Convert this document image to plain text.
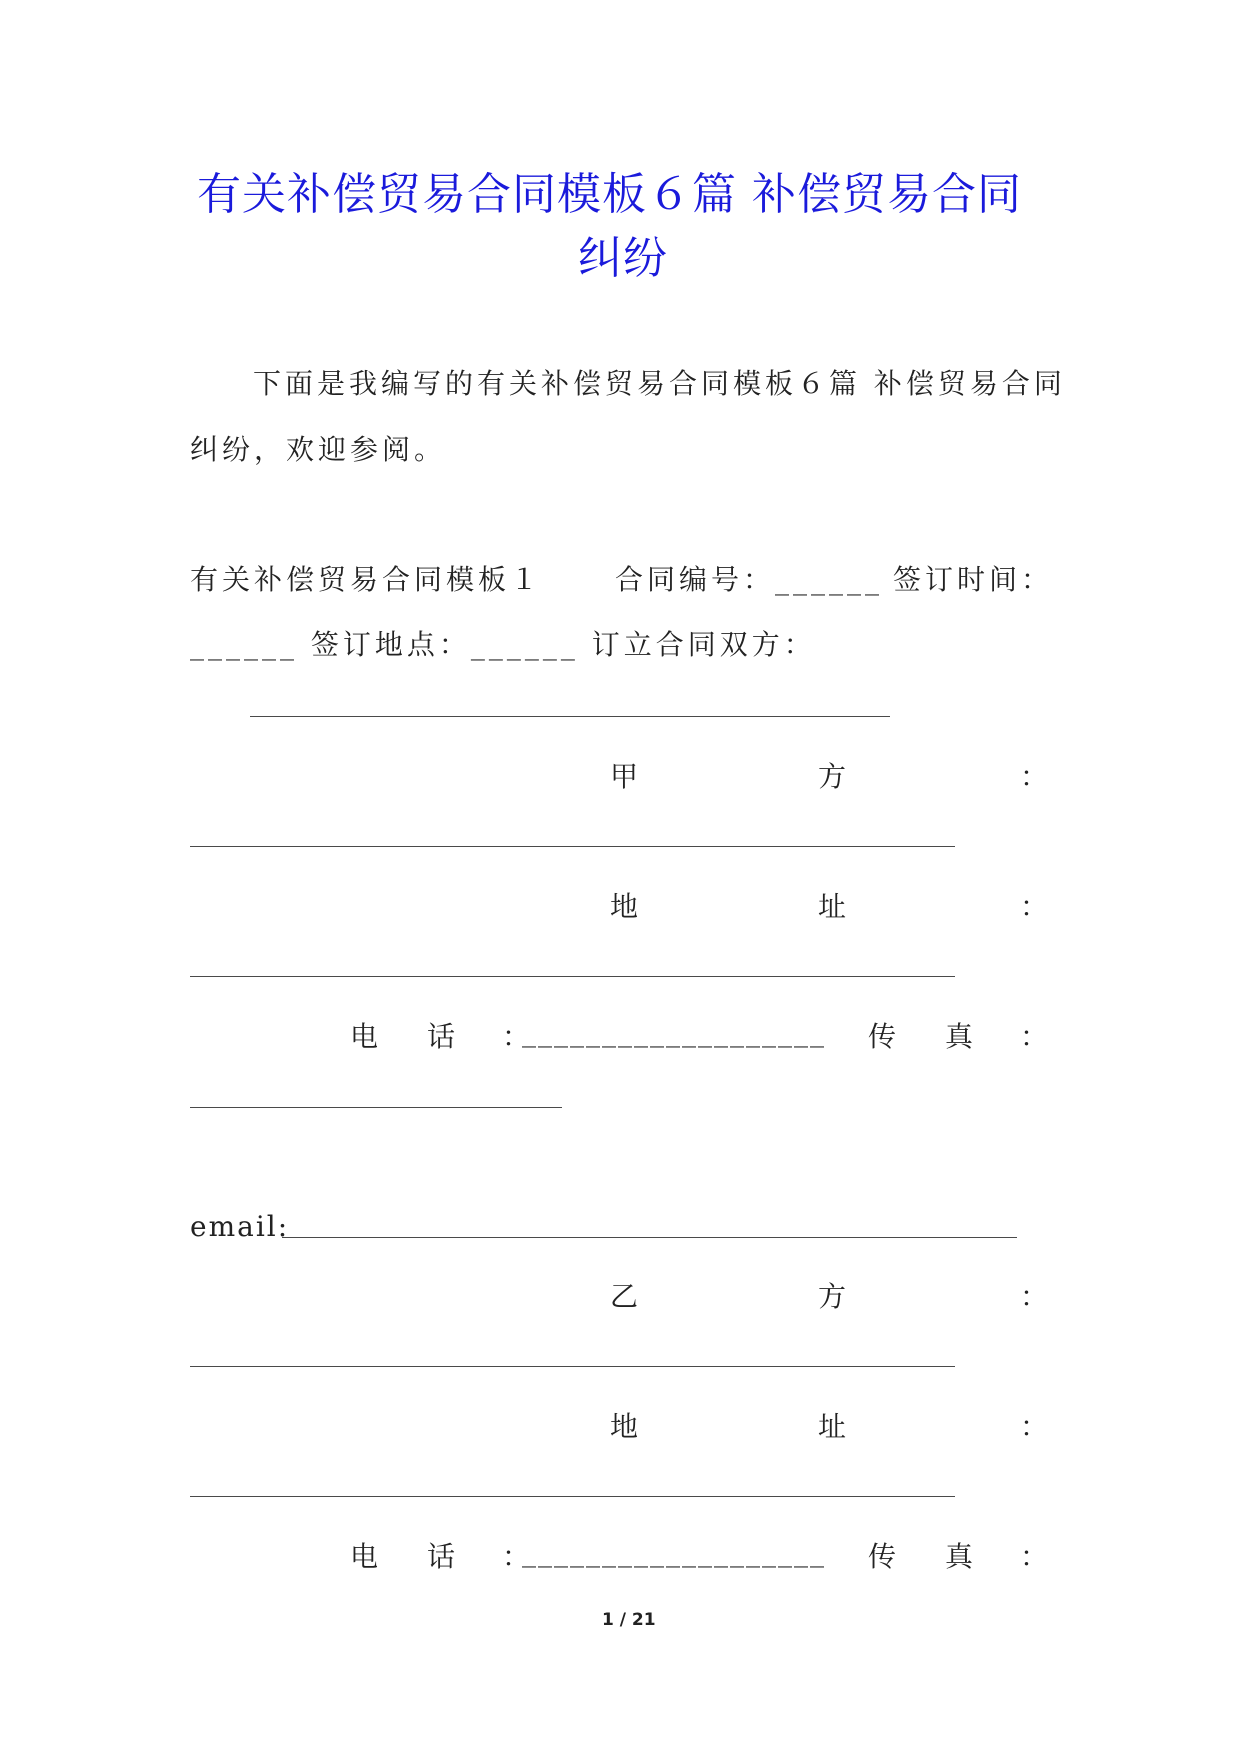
有关补偿贸易合同模板６篇 补偿贸易合同
纠纷
下面是我编写的有关补偿贸易合同模板６篇 补偿贸易合同
纠纷，欢迎参阅。
有关补偿贸易合同模板１	合同编号：______ 签订时间：
______ 签订地点：______ 订立合同双方：
甲	方	：
地	址	：
电 话 ：
___________________ 传 真 ：
email:
乙	方	：
地	址	：
电 话 ：
___________________ 传 真 ：
1 / 21
